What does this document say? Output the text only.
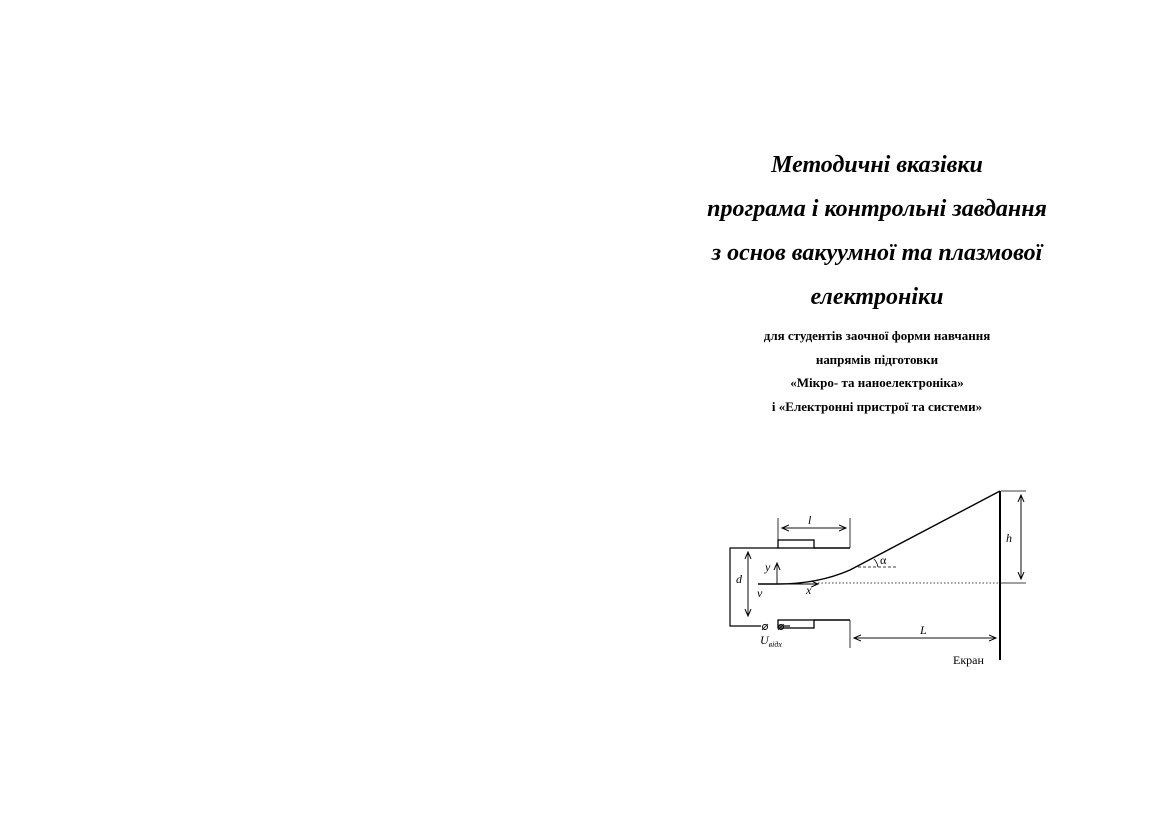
Методичні вказівки

програма і контрольні завдання

з основ вакуумної та плазмової

електроніки

для студентів заочної форми навчання

напрямів підготовки

«Мікро- та наноелектроніка»

і «Електронні пристрої та системи»

l
d
y
x
v
α
Екран
h
L
$U_{відх}$
